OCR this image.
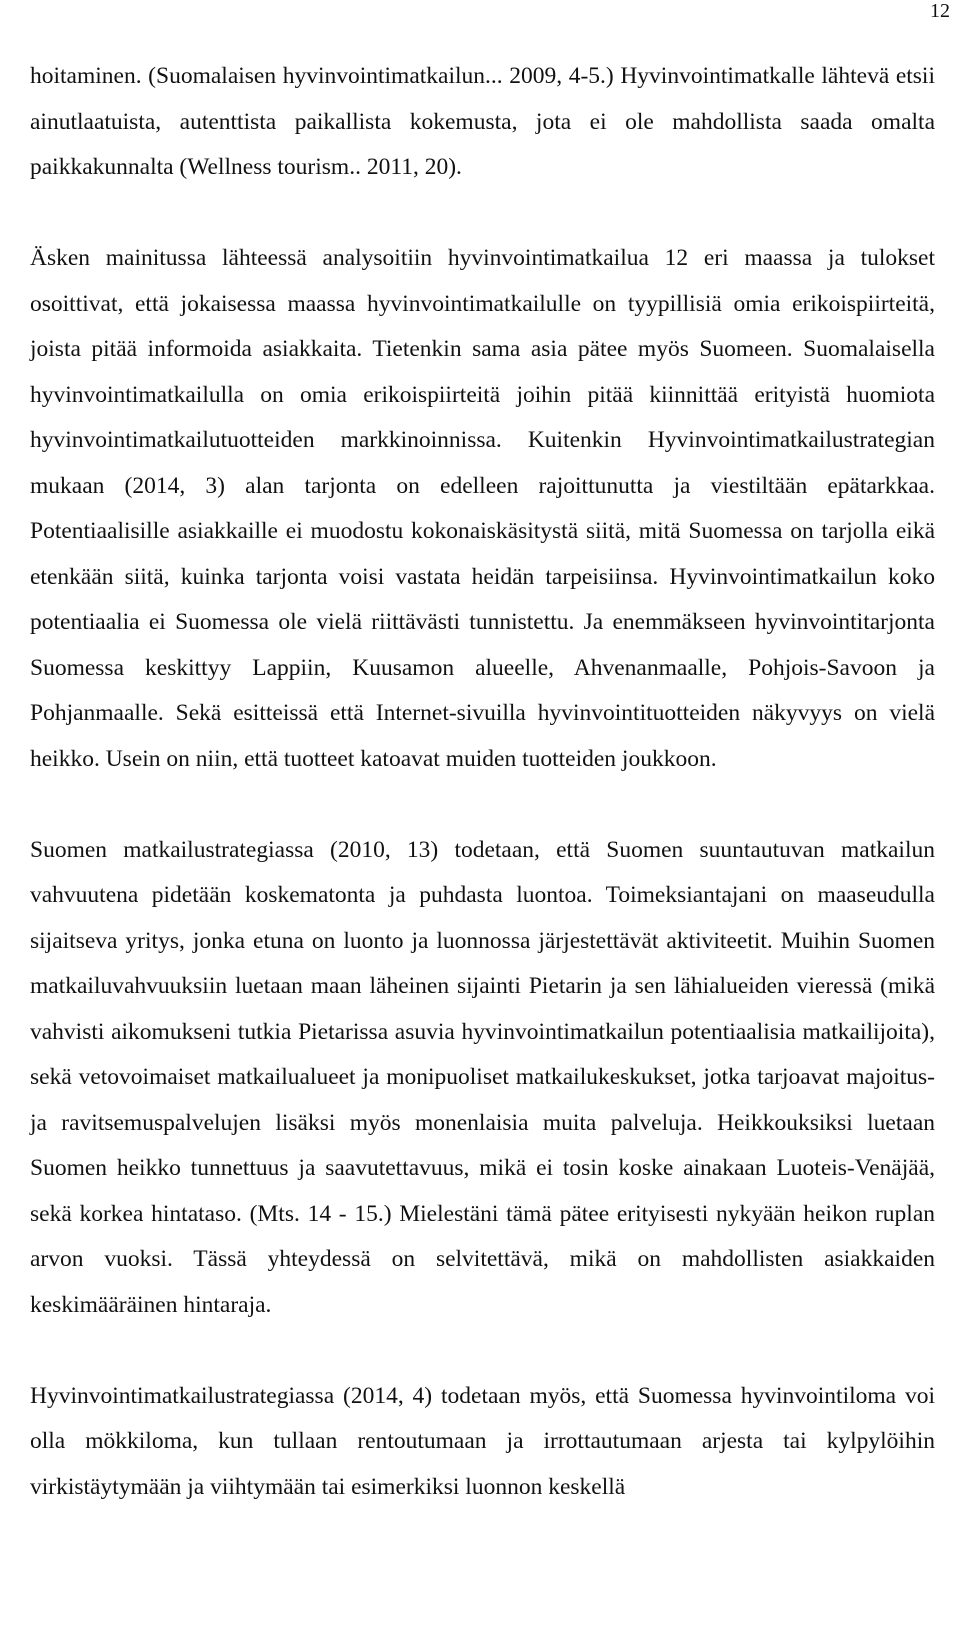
12

hoitaminen. (Suomalaisen hyvinvointimatkailun... 2009, 4-5.) Hyvinvointimatkalle lähtevä etsii ainutlaatuista, autenttista paikallista kokemusta, jota ei ole mahdollista saada omalta paikkakunnalta (Wellness tourism.. 2011, 20).

Äsken mainitussa lähteessä analysoitiin hyvinvointimatkailua 12 eri maassa ja tulokset osoittivat, että jokaisessa maassa hyvinvointimatkailulle on tyypillisiä omia erikoispiirteitä, joista pitää informoida asiakkaita. Tietenkin sama asia pätee myös Suomeen. Suomalaisella hyvinvointimatkailulla on omia erikoispiirteitä joihin pitää kiinnittää erityistä huomiota hyvinvointimatkailutuotteiden markkinoinnissa. Kuitenkin Hyvinvointimatkailustrategian mukaan (2014, 3) alan tarjonta on edelleen rajoittunutta ja viestiltään epätarkkaa. Potentiaalisille asiakkaille ei muodostu kokonaiskäsitystä siitä, mitä Suomessa on tarjolla eikä etenkään siitä, kuinka tarjonta voisi vastata heidän tarpeisiinsa. Hyvinvointimatkailun koko potentiaalia ei Suomessa ole vielä riittävästi tunnistettu. Ja enemmäkseen hyvinvointitarjonta Suomessa keskittyy Lappiin, Kuusamon alueelle, Ahvenanmaalle, Pohjois-Savoon ja Pohjanmaalle. Sekä esitteissä että Internet-sivuilla hyvinvointituotteiden näkyvyys on vielä heikko. Usein on niin, että tuotteet katoavat muiden tuotteiden joukkoon.

Suomen matkailustrategiassa (2010, 13) todetaan, että Suomen suuntautuvan matkailun vahvuutena pidetään koskematonta ja puhdasta luontoa. Toimeksiantajani on maaseudulla sijaitseva yritys, jonka etuna on luonto ja luonnossa järjestettävät aktiviteetit. Muihin Suomen matkailuvahvuuksiin luetaan maan läheinen sijainti Pietarin ja sen lähialueiden vieressä (mikä vahvisti aikomukseni tutkia Pietarissa asuvia hyvinvointimatkailun potentiaalisia matkailijoita), sekä vetovoimaiset matkailualueet ja monipuoliset matkailukeskukset, jotka tarjoavat majoitus- ja ravitsemuspalvelujen lisäksi myös monenlaisia muita palveluja. Heikkouksiksi luetaan Suomen heikko tunnettuus ja saavutettavuus, mikä ei tosin koske ainakaan Luoteis-Venäjää, sekä korkea hintataso. (Mts. 14 - 15.) Mielestäni tämä pätee erityisesti nykyään heikon ruplan arvon vuoksi. Tässä yhteydessä on selvitettävä, mikä on mahdollisten asiakkaiden keskimääräinen hintaraja.

Hyvinvointimatkailustrategiassa (2014, 4) todetaan myös, että Suomessa hyvinvointiloma voi olla mökkiloma, kun tullaan rentoutumaan ja irrottautumaan arjesta tai kylpylöihin virkistäytymään ja viihtymään tai esimerkiksi luonnon keskellä
